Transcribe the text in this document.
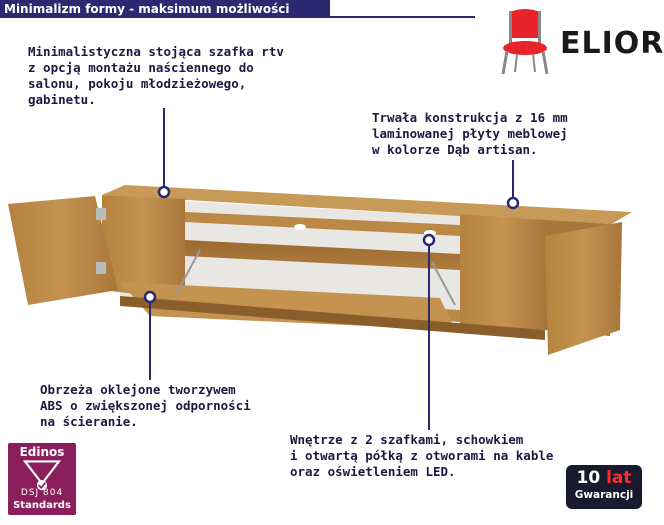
Minimalizm formy - maksimum możliwości
ELIOR
Minimalistyczna stojąca szafka rtv
z opcją montażu naściennego do
salonu, pokoju młodzieżowego,
gabinetu.
Trwała konstrukcja z 16 mm
laminowanej płyty meblowej
w kolorze Dąb artisan.
Obrzeża oklejone tworzywem
ABS o zwiększonej odporności
na ścieranie.
Wnętrze z 2 szafkami, schowkiem
i otwartą półką z otworami na kable
oraz oświetleniem LED.
Edinos
DSJ 804
Standards
10 lat
Gwarancji
